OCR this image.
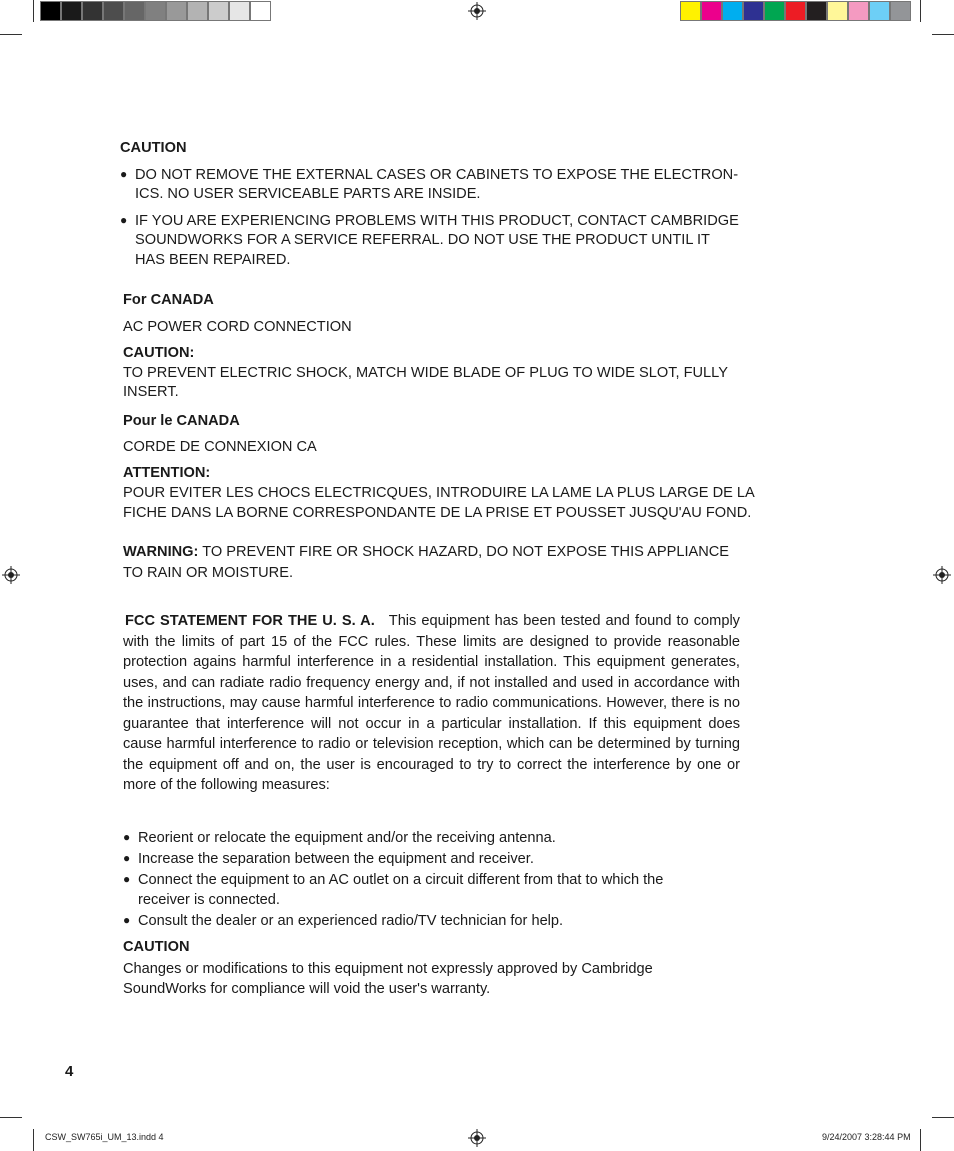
CAUTION
● DO NOT REMOVE THE EXTERNAL CASES OR CABINETS TO EXPOSE THE ELECTRON-
ICS. NO USER SERVICEABLE PARTS ARE INSIDE.
● IF YOU ARE EXPERIENCING PROBLEMS WITH THIS PRODUCT, CONTACT CAMBRIDGE
SOUNDWORKS FOR A SERVICE REFERRAL. DO NOT USE THE PRODUCT UNTIL IT
HAS BEEN REPAIRED.
For CANADA
AC POWER CORD CONNECTION
CAUTION:
TO PREVENT ELECTRIC SHOCK, MATCH WIDE BLADE OF PLUG TO WIDE SLOT, FULLY
INSERT.
Pour le CANADA
CORDE DE CONNEXION CA
ATTENTION:
POUR EVITER LES CHOCS ELECTRICQUES, INTRODUIRE LA LAME LA PLUS LARGE DE LA
FICHE DANS LA BORNE CORRESPONDANTE DE LA PRISE ET POUSSET JUSQU'AU FOND.
WARNING: TO PREVENT FIRE OR SHOCK HAZARD, DO NOT EXPOSE THIS APPLIANCE
TO RAIN OR MOISTURE.
FCC STATEMENT FOR THE U. S. A. This equipment has been tested and found to comply with the limits of part 15 of the FCC rules. These limits are designed to provide reasonable protection agains harmful interference in a residential installation. This equipment generates, uses, and can radiate radio frequency energy and, if not installed and used in accordance with the instructions, may cause harmful interference to radio communications. However, there is no guarantee that interference will not occur in a particular installation. If this equipment does cause harmful interference to radio or television reception, which can be determined by turning the equipment off and on, the user is encouraged to try to correct the interference by one or more of the following measures:
● Reorient or relocate the equipment and/or the receiving antenna.
● Increase the separation between the equipment and receiver.
● Connect the equipment to an AC outlet on a circuit different from that to which the
receiver is connected.
● Consult the dealer or an experienced radio/TV technician for help.
CAUTION
Changes or modifications to this equipment not expressly approved by Cambridge
SoundWorks for compliance will void the user's warranty.
4
CSW_SW765i_UM_13.indd 4	9/24/2007 3:28:44 PM
